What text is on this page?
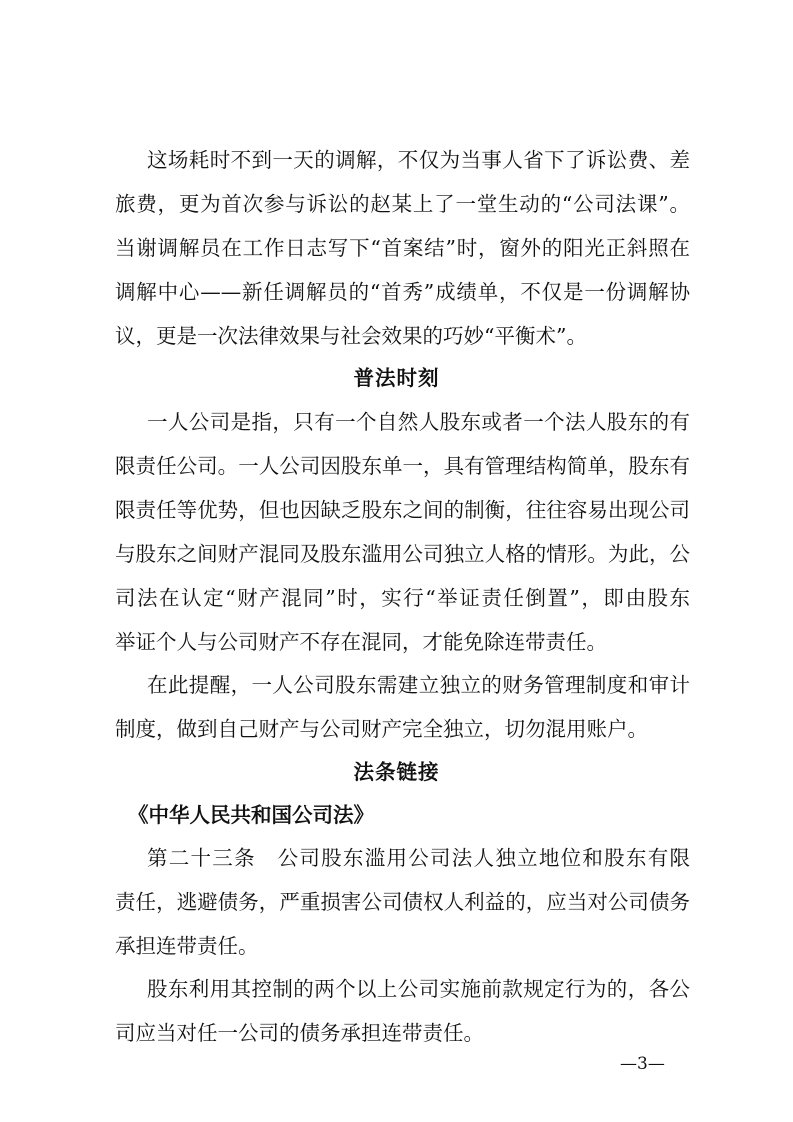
这场耗时不到一天的调解，不仅为当事人省下了诉讼费、差
旅费，更为首次参与诉讼的赵某上了一堂生动的“公司法课”。
当谢调解员在工作日志写下“首案结”时，窗外的阳光正斜照在
调解中心——新任调解员的“首秀”成绩单，不仅是一份调解协
议，更是一次法律效果与社会效果的巧妙“平衡术”。
普法时刻
一人公司是指，只有一个自然人股东或者一个法人股东的有
限责任公司。一人公司因股东单一，具有管理结构简单，股东有
限责任等优势，但也因缺乏股东之间的制衡，往往容易出现公司
与股东之间财产混同及股东滥用公司独立人格的情形。为此，公
司法在认定“财产混同”时，实行“举证责任倒置”，即由股东
举证个人与公司财产不存在混同，才能免除连带责任。
在此提醒，一人公司股东需建立独立的财务管理制度和审计
制度，做到自己财产与公司财产完全独立，切勿混用账户。
法条链接
《中华人民共和国公司法》
第二十三条　公司股东滥用公司法人独立地位和股东有限
责任，逃避债务，严重损害公司债权人利益的，应当对公司债务
承担连带责任。
股东利用其控制的两个以上公司实施前款规定行为的，各公
司应当对任一公司的债务承担连带责任。
—3—
